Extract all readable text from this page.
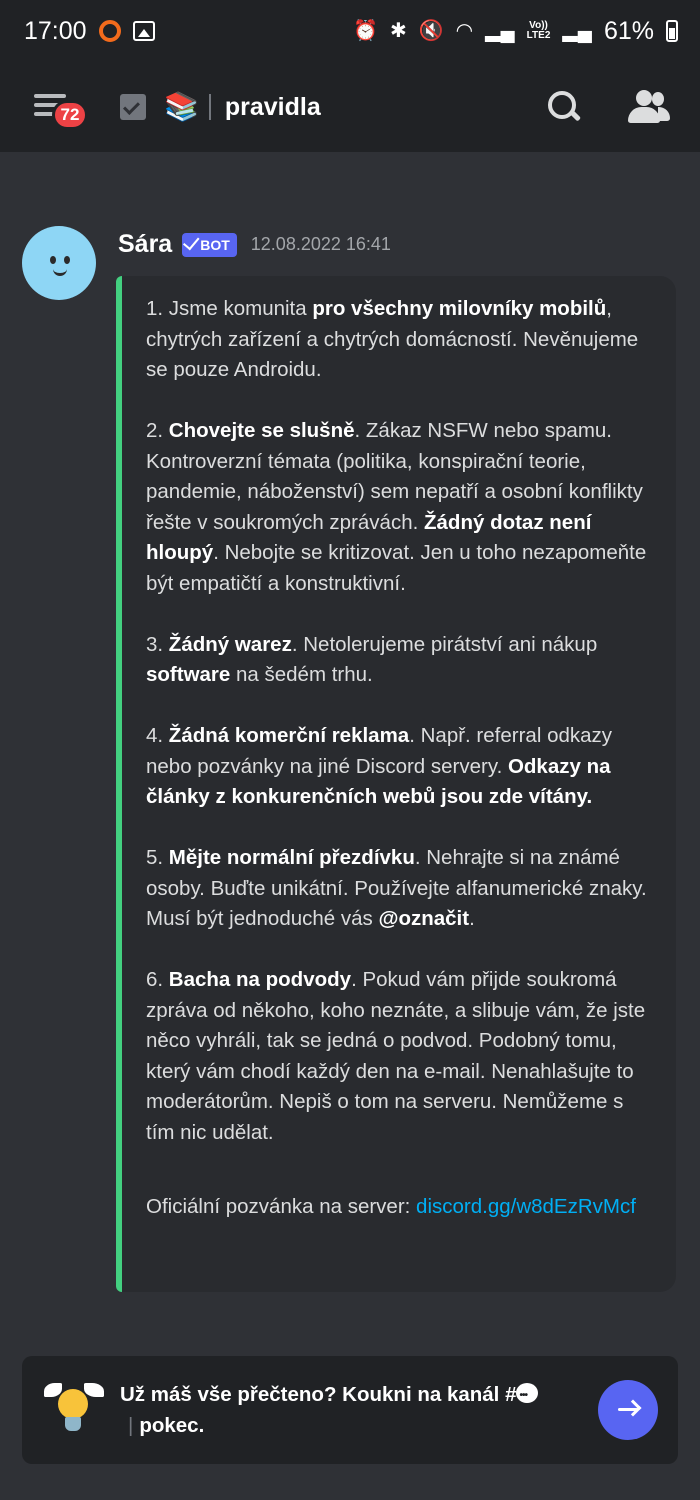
17:00	⏰ ✱ 🔇 ◠ ▂▄ Vo))
LTE2 ▂▄ 61%
72	📚 pravidla
Sára BOT 12.08.2022 16:41

1. Jsme komunita pro všechny milovníky mobilů, chytrých zařízení a chytrých domácností. Nevěnujeme se pouze Androidu.

2. Chovejte se slušně. Zákaz NSFW nebo spamu. Kontroverzní témata (politika, konspirační teorie, pandemie, náboženství) sem nepatří a osobní konflikty řešte v soukromých zprávách. Žádný dotaz není hloupý. Nebojte se kritizovat. Jen u toho nezapomeňte být empatičtí a konstruktivní.

3. Žádný warez. Netolerujeme pirátství ani nákup software na šedém trhu.

4. Žádná komerční reklama. Např. referral odkazy nebo pozvánky na jiné Discord servery. Odkazy na články z konkurenčních webů jsou zde vítány.

5. Mějte normální přezdívku. Nehrajte si na známé osoby. Buďte unikátní. Používejte alfanumerické znaky. Musí být jednoduché vás @označit.

6. Bacha na podvody. Pokud vám přijde soukromá zpráva od někoho, koho neznáte, a slibuje vám, že jste něco vyhráli, tak se jedná o podvod. Podobný tomu, který vám chodí každý den na e-mail. Nenahlašujte to moderátorům. Nepiš o tom na serveru. Nemůžeme s tím nic udělat.

Oficiální pozvánka na server: discord.gg/w8dEzRvMcf

Už máš vše přečteno? Koukni na kanál #•••
| pokec.
